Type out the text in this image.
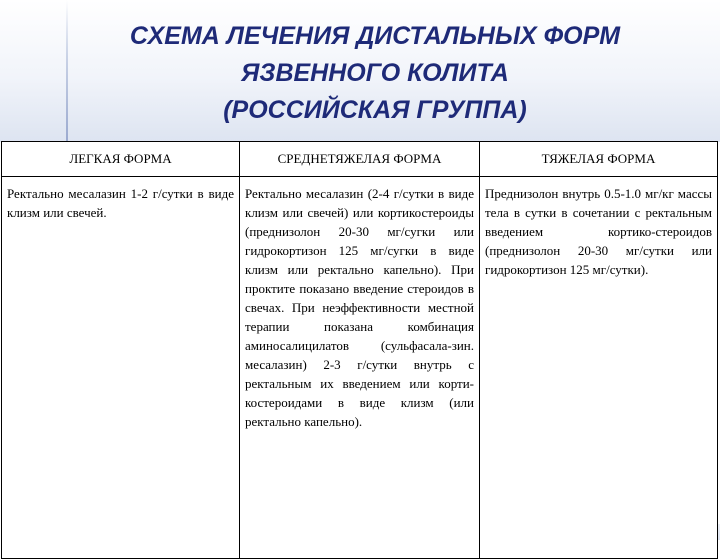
СХЕМА ЛЕЧЕНИЯ ДИСТАЛЬНЫХ ФОРМ
ЯЗВЕННОГО КОЛИТА
(РОССИЙСКАЯ ГРУППА)
ЛЕГКАЯ ФОРМА	СРЕДНЕТЯЖЕЛАЯ ФОРМА	ТЯЖЕЛАЯ ФОРМА
Ректально месалазин 1-2 г/сутки в виде клизм или свечей.	Ректально месалазин (2-4 г/сутки в виде клизм или свечей) или кортикостероиды (преднизолон 20-30 мг/сугки или гидрокортизон 125 мг/сугки в виде клизм или ректально капельно). При проктите показано введение стероидов в свечах. При неэффективности местной терапии показана комбинация аминосалицилатов (сульфасала-зин. месалазин) 2-3 г/сутки внутрь с ректальным их введением или корти-костероидами в виде клизм (или ректально капельно).	Преднизолон внутрь 0.5-1.0 мг/кг массы тела в сутки в сочетании с ректальным введением кортико-стероидов (преднизолон 20-30 мг/сутки или гидрокортизон 125 мг/сутки).
